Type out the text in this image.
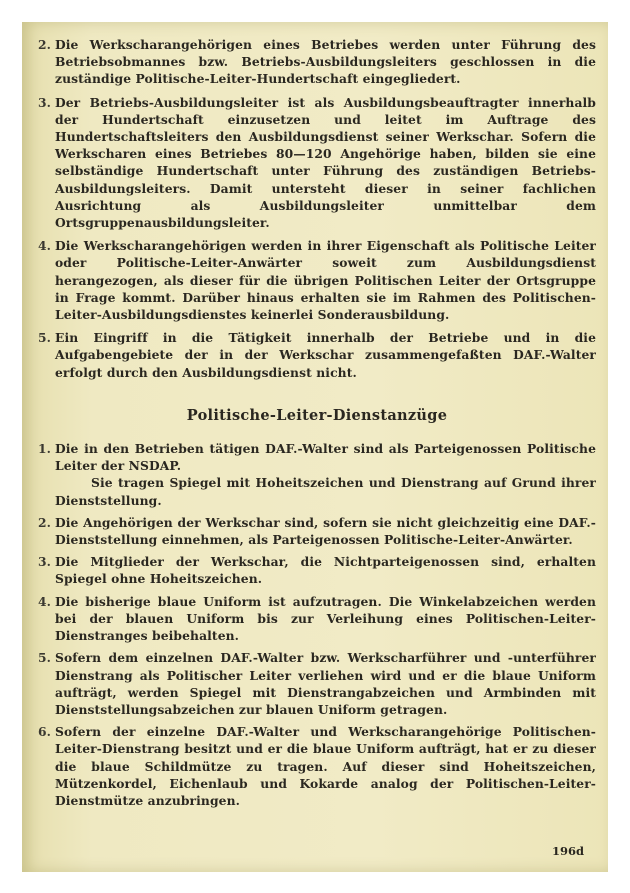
2. Die Werkscharangehörigen eines Betriebes werden unter Führung des Betriebsobmannes bzw. Betriebs-Ausbildungsleiters geschlossen in die zuständige Politische-Leiter-Hundertschaft eingegliedert.
3. Der Betriebs-Ausbildungsleiter ist als Ausbildungsbeauftragter innerhalb der Hundertschaft einzusetzen und leitet im Auftrage des Hundertschaftsleiters den Ausbildungsdienst seiner Werkschar. Sofern die Werkscharen eines Betriebes 80—120 Angehörige haben, bilden sie eine selbständige Hundertschaft unter Führung des zuständigen Betriebs-Ausbildungsleiters. Damit untersteht dieser in seiner fachlichen Ausrichtung als Ausbildungsleiter unmittelbar dem Ortsgruppenausbildungsleiter.
4. Die Werkscharangehörigen werden in ihrer Eigenschaft als Politische Leiter oder Politische-Leiter-Anwärter soweit zum Ausbildungsdienst herangezogen, als dieser für die übrigen Politischen Leiter der Ortsgruppe in Frage kommt. Darüber hinaus erhalten sie im Rahmen des Politischen-Leiter-Ausbildungsdienstes keinerlei Sonderausbildung.
5. Ein Eingriff in die Tätigkeit innerhalb der Betriebe und in die Aufgabengebiete der in der Werkschar zusammengefaßten DAF.-Walter erfolgt durch den Ausbildungsdienst nicht.
Politische-Leiter-Dienstanzüge
1. Die in den Betrieben tätigen DAF.-Walter sind als Parteigenossen Politische Leiter der NSDAP.
Sie tragen Spiegel mit Hoheitszeichen und Dienstrang auf Grund ihrer Dienststellung.
2. Die Angehörigen der Werkschar sind, sofern sie nicht gleichzeitig eine DAF.-Dienststellung einnehmen, als Parteigenossen Politische-Leiter-Anwärter.
3. Die Mitglieder der Werkschar, die Nichtparteigenossen sind, erhalten Spiegel ohne Hoheitszeichen.
4. Die bisherige blaue Uniform ist aufzutragen. Die Winkelabzeichen werden bei der blauen Uniform bis zur Verleihung eines Politischen-Leiter-Dienstranges beibehalten.
5. Sofern dem einzelnen DAF.-Walter bzw. Werkscharführer und -unterführer Dienstrang als Politischer Leiter verliehen wird und er die blaue Uniform aufträgt, werden Spiegel mit Dienstrangabzeichen und Armbinden mit Dienststellungsabzeichen zur blauen Uniform getragen.
6. Sofern der einzelne DAF.-Walter und Werkscharangehörige Politischen-Leiter-Dienstrang besitzt und er die blaue Uniform aufträgt, hat er zu dieser die blaue Schildmütze zu tragen. Auf dieser sind Hoheitszeichen, Mützenkordel, Eichenlaub und Kokarde analog der Politischen-Leiter-Dienstmütze anzubringen.
196d
